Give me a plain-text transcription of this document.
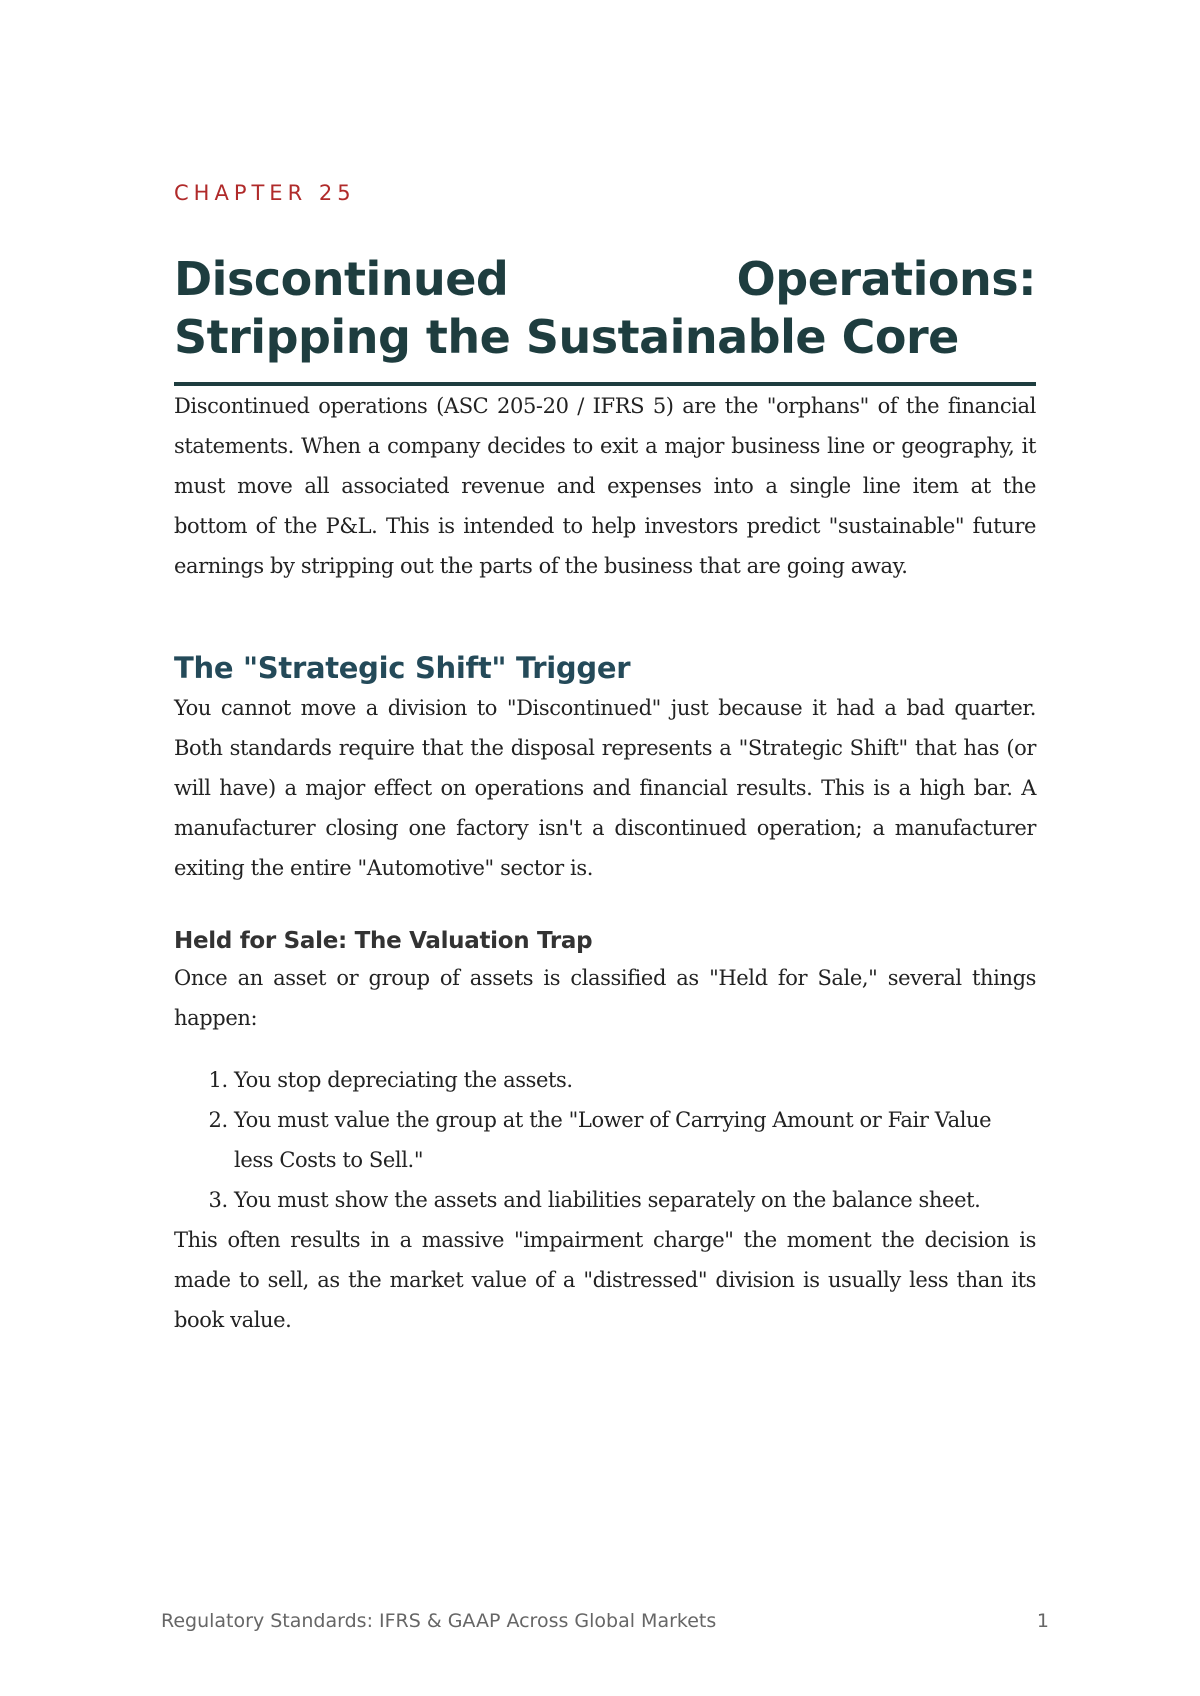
CHAPTER 25
Discontinued	Operations:
Stripping the Sustainable Core

Discontinued operations (ASC 205-20 / IFRS 5) are the "orphans" of the financial statements. When a company decides to exit a major business line or geography, it must move all associated revenue and expenses into a single line item at the bottom of the P&L. This is intended to help investors predict "sustainable" future earnings by stripping out the parts of the business that are going away.

The "Strategic Shift" Trigger

You cannot move a division to "Discontinued" just because it had a bad quarter. Both standards require that the disposal represents a "Strategic Shift" that has (or will have) a major effect on operations and financial results. This is a high bar. A manufacturer closing one factory isn't a discontinued operation; a manufacturer exiting the entire "Automotive" sector is.

Held for Sale: The Valuation Trap

Once an asset or group of assets is classified as "Held for Sale," several things happen:

1. You stop depreciating the assets.
2. You must value the group at the "Lower of Carrying Amount or Fair Value less Costs to Sell."
3. You must show the assets and liabilities separately on the balance sheet.

This often results in a massive "impairment charge" the moment the decision is made to sell, as the market value of a "distressed" division is usually less than its book value.

Regulatory Standards: IFRS & GAAP Across Global Markets	1
